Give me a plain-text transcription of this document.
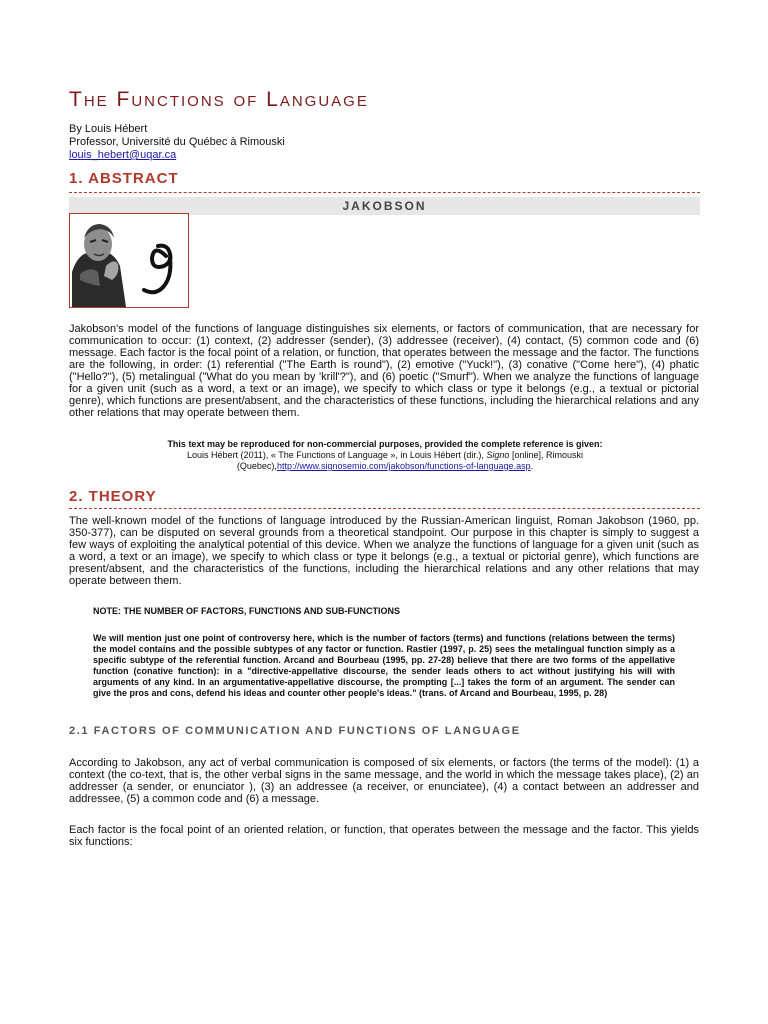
The Functions of Language
By Louis Hébert
Professor, Université du Québec à Rimouski
louis_hebert@uqar.ca
1. ABSTRACT
JAKOBSON

Jakobson's model of the functions of language distinguishes six elements, or factors of communication, that are necessary for communication to occur: (1) context, (2) addresser (sender), (3) addressee (receiver), (4) contact, (5) common code and (6) message. Each factor is the focal point of a relation, or function, that operates between the message and the factor. The functions are the following, in order: (1) referential ("The Earth is round"), (2) emotive ("Yuck!"), (3) conative ("Come here"), (4) phatic ("Hello?"), (5) metalingual ("What do you mean by 'krill'?"), and (6) poetic ("Smurf"). When we analyze the functions of language for a given unit (such as a word, a text or an image), we specify to which class or type it belongs (e.g., a textual or pictorial genre), which functions are present/absent, and the characteristics of these functions, including the hierarchical relations and any other relations that may operate between them.

This text may be reproduced for non-commercial purposes, provided the complete reference is given:
Louis Hébert (2011), « The Functions of Language », in Louis Hébert (dir.), Signo [online], Rimouski (Quebec),http://www.signosemio.com/jakobson/functions-of-language.asp.

2. THEORY

The well-known model of the functions of language introduced by the Russian-American linguist, Roman Jakobson (1960, pp. 350-377), can be disputed on several grounds from a theoretical standpoint. Our purpose in this chapter is simply to suggest a few ways of exploiting the analytical potential of this device. When we analyze the functions of language for a given unit (such as a word, a text or an image), we specify to which class or type it belongs (e.g., a textual or pictorial genre), which functions are present/absent, and the characteristics of the functions, including the hierarchical relations and any other relations that may operate between them.

NOTE: THE NUMBER OF FACTORS, FUNCTIONS AND SUB-FUNCTIONS

We will mention just one point of controversy here, which is the number of factors (terms) and functions (relations between the terms) the model contains and the possible subtypes of any factor or function. Rastier (1997, p. 25) sees the metalingual function simply as a specific subtype of the referential function. Arcand and Bourbeau (1995, pp. 27-28) believe that there are two forms of the appellative function (conative function): in a "directive-appellative discourse, the sender leads others to act without justifying his will with arguments of any kind. In an argumentative-appellative discourse, the prompting [...] takes the form of an argument. The sender can give the pros and cons, defend his ideas and counter other people's ideas." (trans. of Arcand and Bourbeau, 1995, p. 28)

2.1 FACTORS OF COMMUNICATION AND FUNCTIONS OF LANGUAGE

According to Jakobson, any act of verbal communication is composed of six elements, or factors (the terms of the model): (1) a context (the co-text, that is, the other verbal signs in the same message, and the world in which the message takes place), (2) an addresser (a sender, or enunciator ), (3) an addressee (a receiver, or enunciatee), (4) a contact between an addresser and addressee, (5) a common code and (6) a message.

Each factor is the focal point of an oriented relation, or function, that operates between the message and the factor. This yields six functions:
